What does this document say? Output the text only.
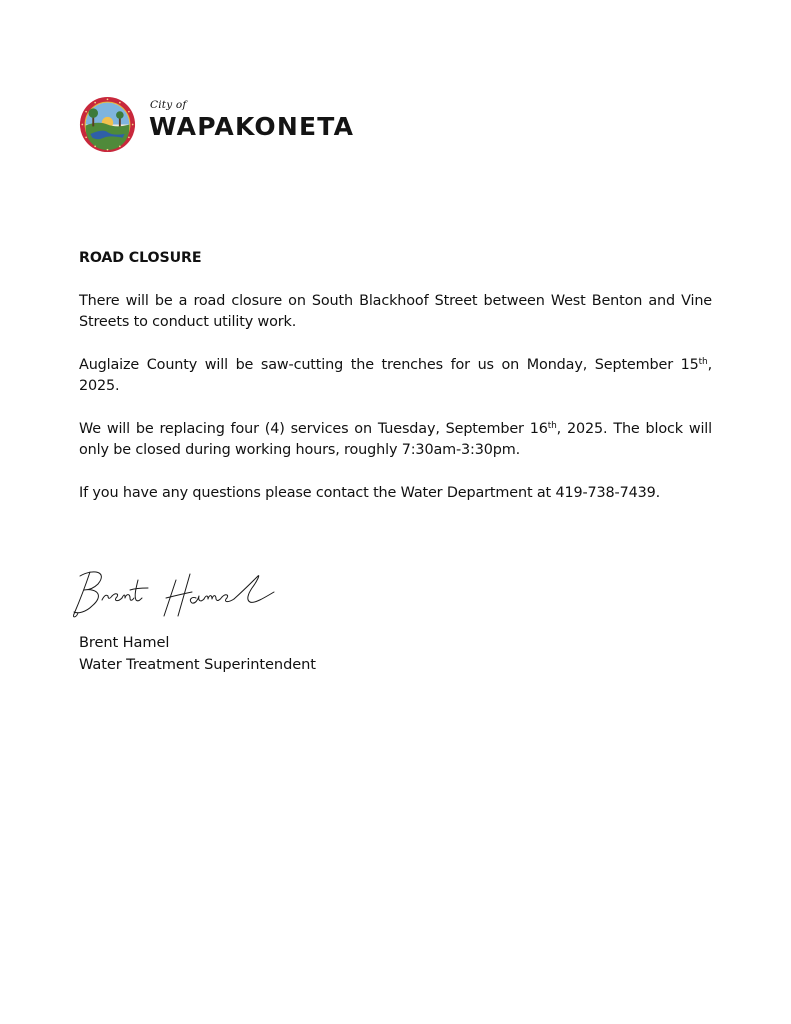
City of
WAPAKONETA
ROAD CLOSURE

There will be a road closure on South Blackhoof Street between West Benton and Vine Streets to conduct utility work.

Auglaize County will be saw-cutting the trenches for us on Monday, September 15th, 2025.

We will be replacing four (4) services on Tuesday, September 16th, 2025. The block will only be closed during working hours, roughly 7:30am-3:30pm.

If you have any questions please contact the Water Department at 419-738-7439.

Brent Hamel
Water Treatment Superintendent
